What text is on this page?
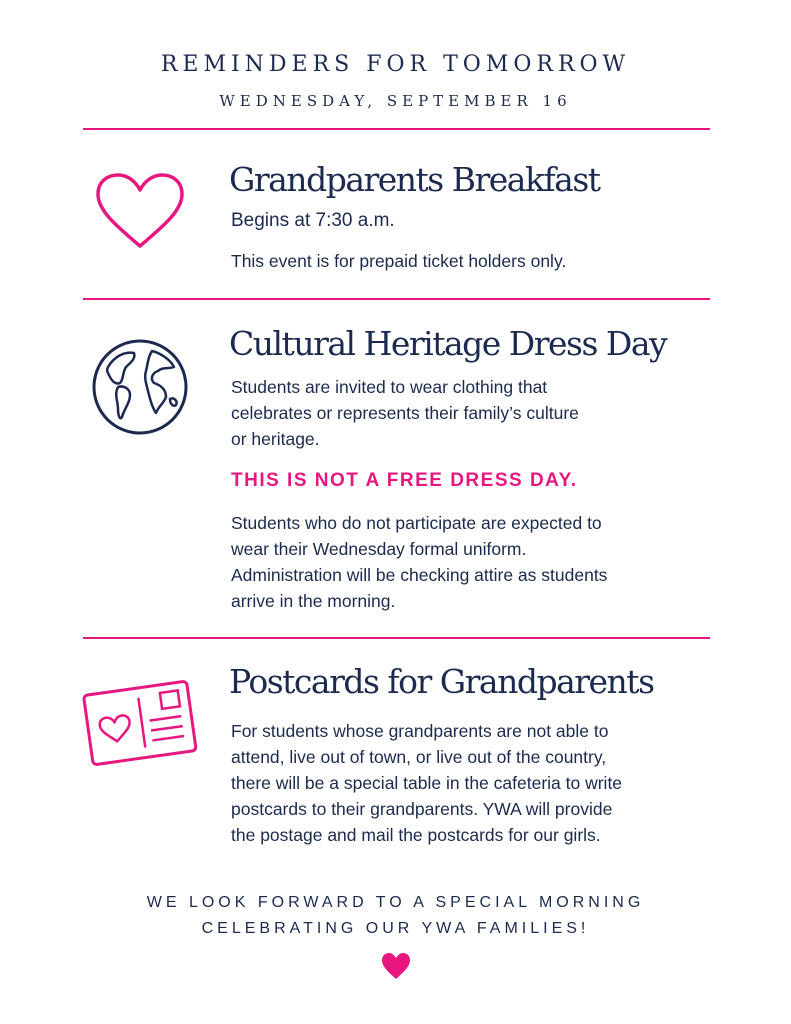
REMINDERS FOR TOMORROW
WEDNESDAY, SEPTEMBER 16
Grandparents Breakfast
Begins at 7:30 a.m.
This event is for prepaid ticket holders only.
Cultural Heritage Dress Day
Students are invited to wear clothing that
celebrates or represents their family’s culture
or heritage.
THIS IS NOT A FREE DRESS DAY.
Students who do not participate are expected to
wear their Wednesday formal uniform.
Administration will be checking attire as students
arrive in the morning.
Postcards for Grandparents
For students whose grandparents are not able to
attend, live out of town, or live out of the country,
there will be a special table in the cafeteria to write
postcards to their grandparents. YWA will provide
the postage and mail the postcards for our girls.
WE LOOK FORWARD TO A SPECIAL MORNING
CELEBRATING OUR YWA FAMILIES!
